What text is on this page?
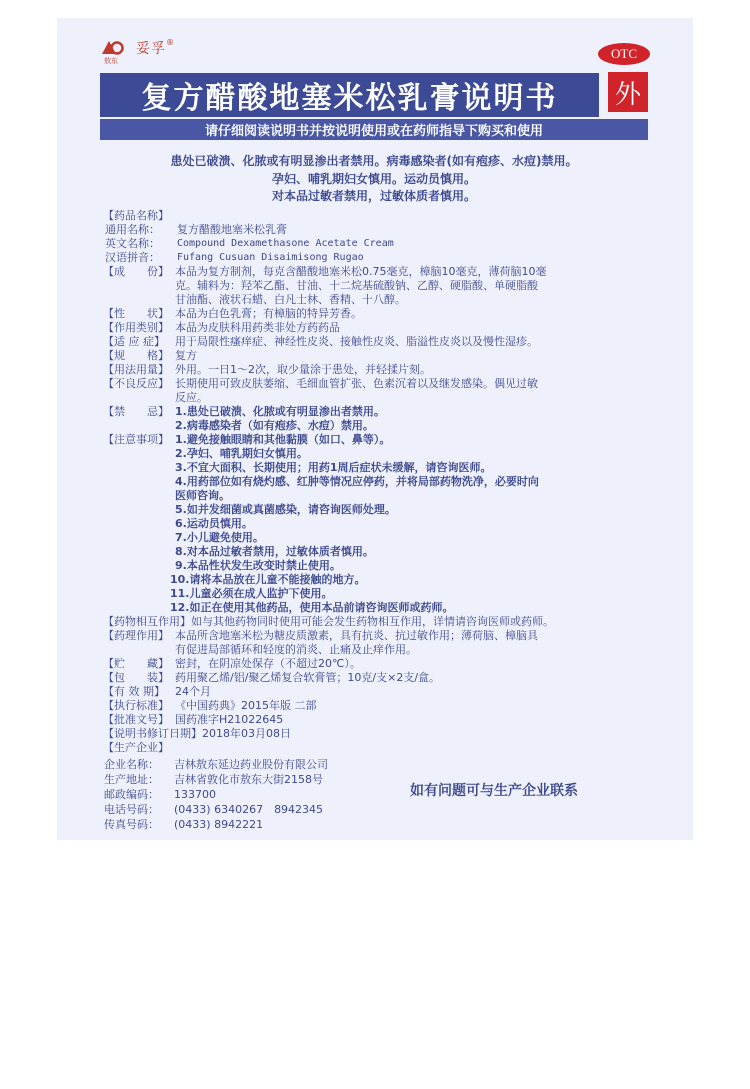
敖东
妥孚®
OTC
外
复方醋酸地塞米松乳膏说明书
请仔细阅读说明书并按说明使用或在药师指导下购买和使用
患处已破溃、化脓或有明显渗出者禁用。病毒感染者(如有疱疹、水痘)禁用。
孕妇、哺乳期妇女慎用。运动员慎用。
对本品过敏者禁用，过敏体质者慎用。
【药品名称】
通用名称： 复方醋酸地塞米松乳膏
英文名称： Compound Dexamethasone Acetate Cream
汉语拼音： Fufang Cusuan Disaimisong Rugao
【成　　份】 本品为复方制剂，每克含醋酸地塞米松0.75毫克，樟脑10毫克，薄荷脑10毫
克。辅料为：羟苯乙酯、甘油、十二烷基硫酸钠、乙醇、硬脂酸、单硬脂酸
甘油酯、液状石蜡、白凡士林、香精、十八醇。
【性　　状】 本品为白色乳膏；有樟脑的特异芳香。
【作用类别】 本品为皮肤科用药类非处方药药品
【适 应 症】 用于局限性瘙痒症、神经性皮炎、接触性皮炎、脂溢性皮炎以及慢性湿疹。
【规　　格】 复方
【用法用量】 外用。一日1～2次，取少量涂于患处，并轻揉片刻。
【不良反应】 长期使用可致皮肤萎缩、毛细血管扩张、色素沉着以及继发感染。偶见过敏
反应。
【禁　　忌】 1.患处已破溃、化脓或有明显渗出者禁用。
2.病毒感染者（如有疱疹、水痘）禁用。
【注意事项】 1.避免接触眼睛和其他黏膜（如口、鼻等）。
2.孕妇、哺乳期妇女慎用。
3.不宜大面积、长期使用；用药1周后症状未缓解，请咨询医师。
4.用药部位如有烧灼感、红肿等情况应停药，并将局部药物洗净，必要时向
医师咨询。
5.如并发细菌或真菌感染，请咨询医师处理。
6.运动员慎用。
7.小儿避免使用。
8.对本品过敏者禁用，过敏体质者慎用。
9.本品性状发生改变时禁止使用。
10.请将本品放在儿童不能接触的地方。
11.儿童必须在成人监护下使用。
12.如正在使用其他药品，使用本品前请咨询医师或药师。
【药物相互作用】如与其他药物同时使用可能会发生药物相互作用，详情请咨询医师或药师。
【药理作用】 本品所含地塞米松为糖皮质激素，具有抗炎、抗过敏作用；薄荷脑、樟脑具
有促进局部循环和轻度的消炎、止痛及止痒作用。
【贮　　藏】 密封，在阴凉处保存（不超过20℃）。
【包　　装】 药用聚乙烯/铝/聚乙烯复合软膏管；10克/支×2支/盒。
【有 效 期】 24个月
【执行标准】 《中国药典》2015年版 二部
【批准文号】 国药准字H21022645
【说明书修订日期】2018年03月08日
【生产企业】
企业名称： 吉林敖东延边药业股份有限公司
生产地址： 吉林省敦化市敖东大街2158号
邮政编码： 133700
电话号码： (0433) 6340267　8942345
传真号码： (0433) 8942221
如有问题可与生产企业联系
